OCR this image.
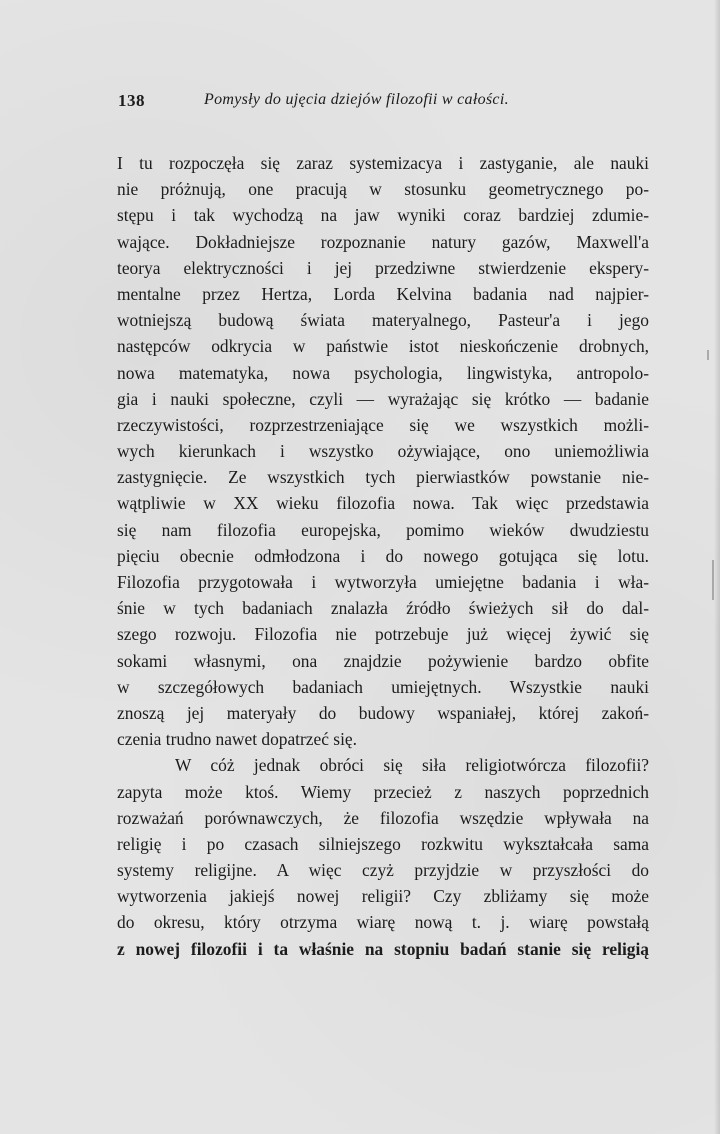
138	Pomysły do ujęcia dziejów filozofii w całości.
I tu rozpoczęła się zaraz systemizacya i zastyganie, ale nauki
nie próżnują, one pracują w stosunku geometrycznego po-
stępu i tak wychodzą na jaw wyniki coraz bardziej zdumie-
wające. Dokładniejsze rozpoznanie natury gazów, Maxwell'a
teorya elektryczności i jej przedziwne stwierdzenie ekspery-
mentalne przez Hertza, Lorda Kelvina badania nad najpier-
wotniejszą budową świata materyalnego, Pasteur'a i jego
następców odkrycia w państwie istot nieskończenie drobnych,
nowa matematyka, nowa psychologia, lingwistyka, antropolo-
gia i nauki społeczne, czyli — wyrażając się krótko — badanie
rzeczywistości, rozprzestrzeniające się we wszystkich możli-
wych kierunkach i wszystko ożywiające, ono uniemożliwia
zastygnięcie. Ze wszystkich tych pierwiastków powstanie nie-
wątpliwie w XX wieku filozofia nowa. Tak więc przedstawia
się nam filozofia europejska, pomimo wieków dwudziestu
pięciu obecnie odmłodzona i do nowego gotująca się lotu.
Filozofia przygotowała i wytworzyła umiejętne badania i wła-
śnie w tych badaniach znalazła źródło świeżych sił do dal-
szego rozwoju. Filozofia nie potrzebuje już więcej żywić się
sokami własnymi, ona znajdzie pożywienie bardzo obfite
w szczegółowych badaniach umiejętnych. Wszystkie nauki
znoszą jej materyały do budowy wspaniałej, której zakoń-
czenia trudno nawet dopatrzeć się.
W cóż jednak obróci się siła religiotwórcza filozofii?
zapyta może ktoś. Wiemy przecież z naszych poprzednich
rozważań porównawczych, że filozofia wszędzie wpływała na
religię i po czasach silniejszego rozkwitu wykształcała sama
systemy religijne. A więc czyż przyjdzie w przyszłości do
wytworzenia jakiejś nowej religii? Czy zbliżamy się może
do okresu, który otrzyma wiarę nową t. j. wiarę powstałą
z nowej filozofii i ta właśnie na stopniu badań stanie się religią
